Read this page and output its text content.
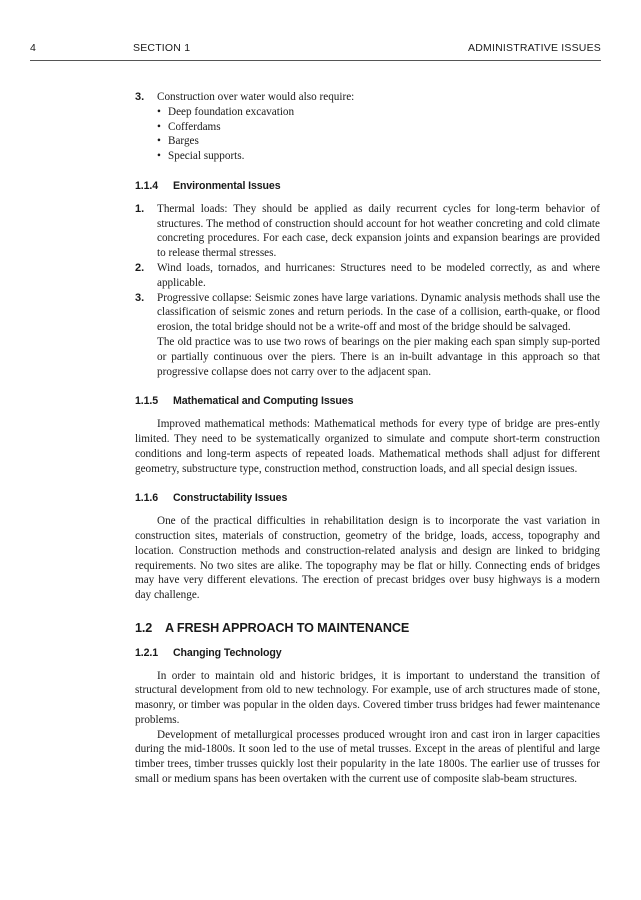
4	SECTION 1	ADMINISTRATIVE ISSUES
3. Construction over water would also require:
• Deep foundation excavation
• Cofferdams
• Barges
• Special supports.
1.1.4 Environmental Issues
1. Thermal loads: They should be applied as daily recurrent cycles for long-term behavior of structures. The method of construction should account for hot weather concreting and cold climate concreting procedures. For each case, deck expansion joints and expansion bearings are provided to release thermal stresses.
2. Wind loads, tornados, and hurricanes: Structures need to be modeled correctly, as and where applicable.
3. Progressive collapse: Seismic zones have large variations. Dynamic analysis methods shall use the classification of seismic zones and return periods. In the case of a collision, earth-quake, or flood erosion, the total bridge should not be a write-off and most of the bridge should be salvaged.

The old practice was to use two rows of bearings on the pier making each span simply sup-ported or partially continuous over the piers. There is an in-built advantage in this approach so that progressive collapse does not carry over to the adjacent span.

1.1.5 Mathematical and Computing Issues

Improved mathematical methods: Mathematical methods for every type of bridge are pres-ently limited. They need to be systematically organized to simulate and compute short-term construction conditions and long-term aspects of repeated loads. Mathematical methods shall adjust for different geometry, substructure type, construction method, construction loads, and all special design issues.

1.1.6 Constructability Issues

One of the practical difficulties in rehabilitation design is to incorporate the vast variation in construction sites, materials of construction, geometry of the bridge, loads, access, topography and location. Construction methods and construction-related analysis and design are linked to bridging requirements. No two sites are alike. The topography may be flat or hilly. Connecting ends of bridges may have very different elevations. The erection of precast bridges over busy highways is a modern day challenge.

1.2 A FRESH APPROACH TO MAINTENANCE
1.2.1 Changing Technology

In order to maintain old and historic bridges, it is important to understand the transition of structural development from old to new technology. For example, use of arch structures made of stone, masonry, or timber was popular in the olden days. Covered timber truss bridges had fewer maintenance problems.

Development of metallurgical processes produced wrought iron and cast iron in larger capacities during the mid-1800s. It soon led to the use of metal trusses. Except in the areas of plentiful and large timber trees, timber trusses quickly lost their popularity in the late 1800s. The earlier use of trusses for small or medium spans has been overtaken with the current use of composite slab-beam structures.
